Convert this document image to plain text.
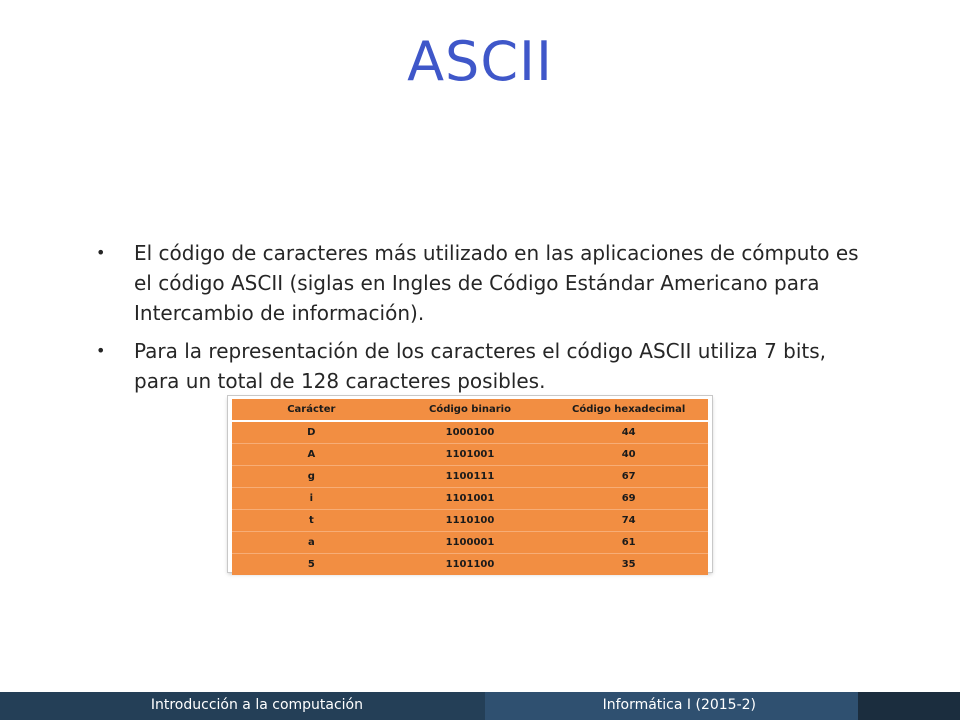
ASCII
• El código de caracteres más utilizado en las aplicaciones de cómputo es el código ASCII (siglas en Ingles de Código Estándar Americano para Intercambio de información).
• Para la representación de los caracteres el código ASCII utiliza 7 bits, para un total de 128 caracteres posibles.
Carácter	Código binario	Código hexadecimal
D	1000100	44
A	1101001	40
g	1100111	67
i	1101001	69
t	1110100	74
a	1100001	61
5	1101100	35
Introducción a la computación	Informática I (2015-2)
